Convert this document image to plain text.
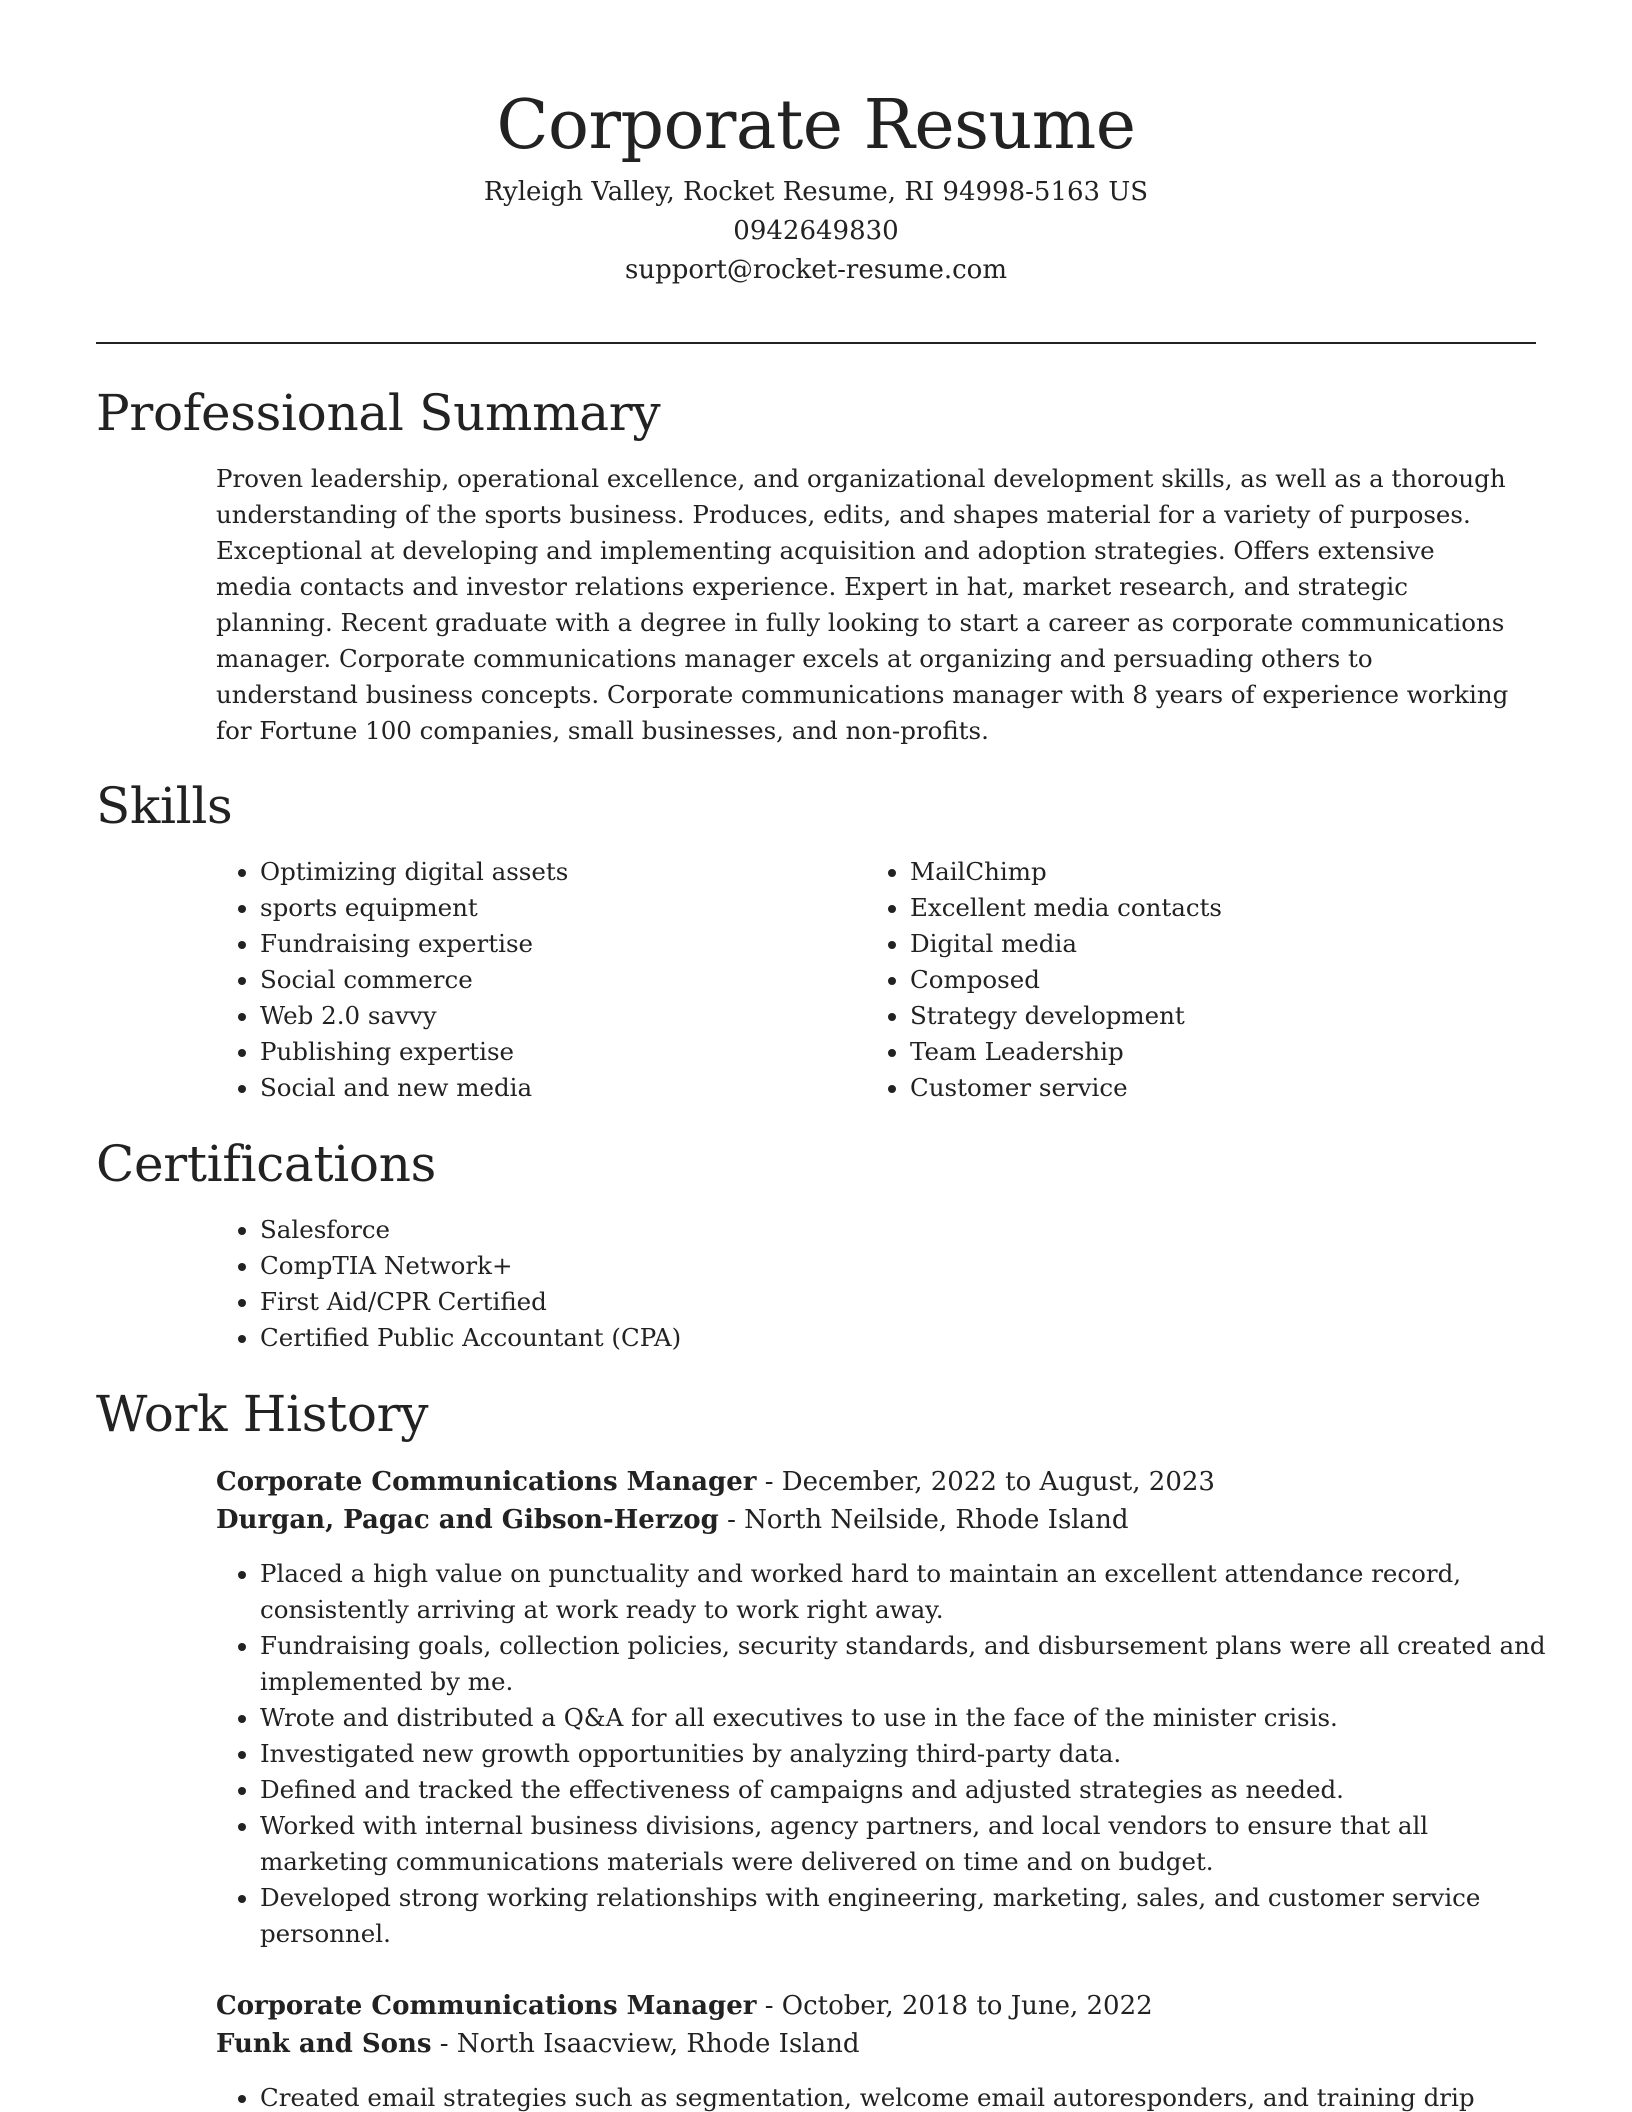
Corporate Resume

Ryleigh Valley, Rocket Resume, RI 94998-5163 US

0942649830

support@rocket-resume.com

Professional Summary

Proven leadership, operational excellence, and organizational development skills, as well as a thorough understanding of the sports business. Produces, edits, and shapes material for a variety of purposes. Exceptional at developing and implementing acquisition and adoption strategies. Offers extensive media contacts and investor relations experience. Expert in hat, market research, and strategic planning. Recent graduate with a degree in fully looking to start a career as corporate communications manager. Corporate communications manager excels at organizing and persuading others to understand business concepts. Corporate communications manager with 8 years of experience working for Fortune 100 companies, small businesses, and non-profits.

Skills
• Optimizing digital assets
• sports equipment
• Fundraising expertise
• Social commerce
• Web 2.0 savvy
• Publishing expertise
• Social and new media
• MailChimp
• Excellent media contacts
• Digital media
• Composed
• Strategy development
• Team Leadership
• Customer service
Certifications
• Salesforce
• CompTIA Network+
• First Aid/CPR Certified
• Certified Public Accountant (CPA)
Work History

Corporate Communications Manager - December, 2022 to August, 2023

Durgan, Pagac and Gibson-Herzog - North Neilside, Rhode Island

• Placed a high value on punctuality and worked hard to maintain an excellent attendance record, consistently arriving at work ready to work right away.
• Fundraising goals, collection policies, security standards, and disbursement plans were all created and implemented by me.
• Wrote and distributed a Q&A for all executives to use in the face of the minister crisis.
• Investigated new growth opportunities by analyzing third-party data.
• Defined and tracked the effectiveness of campaigns and adjusted strategies as needed.
• Worked with internal business divisions, agency partners, and local vendors to ensure that all marketing communications materials were delivered on time and on budget.
• Developed strong working relationships with engineering, marketing, sales, and customer service personnel.

Corporate Communications Manager - October, 2018 to June, 2022

Funk and Sons - North Isaacview, Rhode Island

• Created email strategies such as segmentation, welcome email autoresponders, and training drip
